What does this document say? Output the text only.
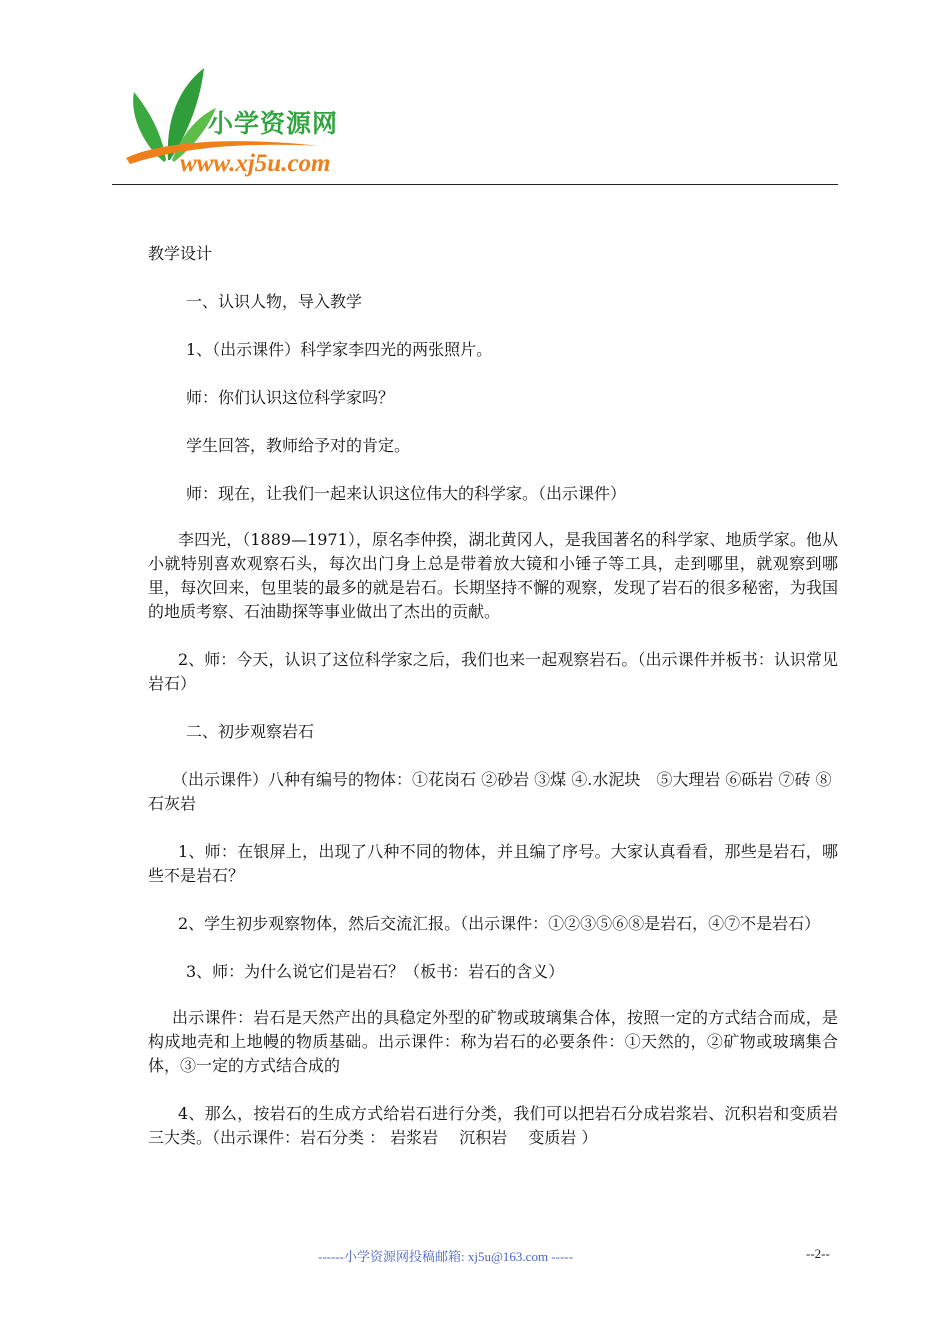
小学资源网
www.xj5u.com

教学设计

一、认识人物，导入教学

1、（出示课件）科学家李四光的两张照片。

师：你们认识这位科学家吗？

学生回答，教师给予对的肯定。

师：现在，让我们一起来认识这位伟大的科学家。（出示课件）

李四光，（1889—1971），原名李仲揆，湖北黄冈人，是我国著名的科学家、地质学家。他从小就特别喜欢观察石头，每次出门身上总是带着放大镜和小锤子等工具，走到哪里，就观察到哪里，每次回来，包里装的最多的就是岩石。长期坚持不懈的观察，发现了岩石的很多秘密，为我国的地质考察、石油勘探等事业做出了杰出的贡献。

2、师：今天，认识了这位科学家之后，我们也来一起观察岩石。（出示课件并板书：认识常见岩石）

二、初步观察岩石

（出示课件）八种有编号的物体：①花岗石 ②砂岩 ③煤 ④.水泥块　⑤大理岩 ⑥砾岩 ⑦砖 ⑧石灰岩

1、师：在银屏上，出现了八种不同的物体，并且编了序号。大家认真看看，那些是岩石，哪些不是岩石？

2、学生初步观察物体，然后交流汇报。（出示课件：①②③⑤⑥⑧是岩石，④⑦不是岩石）

3、师：为什么说它们是岩石？（板书：岩石的含义）

出示课件：岩石是天然产出的具稳定外型的矿物或玻璃集合体，按照一定的方式结合而成，是构成地壳和上地幔的物质基础。出示课件：称为岩石的必要条件：①天然的，②矿物或玻璃集合体，③一定的方式结合成的

4、那么，按岩石的生成方式给岩石进行分类，我们可以把岩石分成岩浆岩、沉积岩和变质岩三大类。（出示课件：岩石分类 ： 岩浆岩　 沉积岩　 变质岩 ）

------小学资源网投稿邮箱: xj5u@163.com -----	--2--
